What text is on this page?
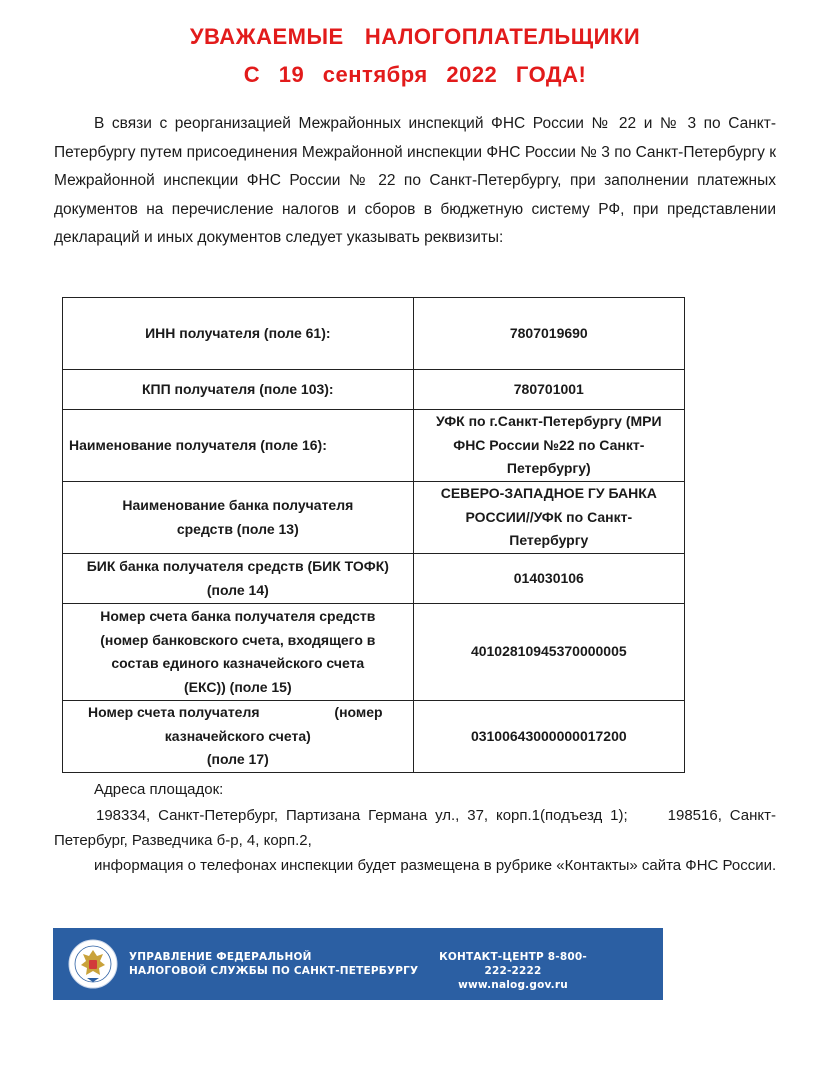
УВАЖАЕМЫЕ  НАЛОГОПЛАТЕЛЬЩИКИ
С 19 сентября 2022 ГОДА!
В связи с реорганизацией Межрайонных инспекций ФНС России № 22 и № 3 по Санкт-Петербургу путем присоединения Межрайонной инспекции ФНС России № 3 по Санкт-Петербургу к Межрайонной инспекции ФНС России № 22 по Санкт-Петербургу, при заполнении платежных документов на перечисление налогов и сборов в бюджетную систему РФ, при представлении деклараций и иных документов следует указывать реквизиты:
ИНН получателя (поле 61):	7807019690
КПП получателя (поле 103):	780701001
Наименование получателя (поле 16):	УФК по г.Санкт-Петербургу (МРИ ФНС России №22 по Санкт-Петербургу)
Наименование банка получателя средств (поле 13)	СЕВЕРО-ЗАПАДНОЕ ГУ БАНКА РОССИИ//УФК по Санкт-Петербургу
БИК банка получателя средств (БИК ТОФК) (поле 14)	014030106
Номер счета банка получателя средств (номер банковского счета, входящего в состав единого казначейского счета (ЕКС)) (поле 15)	40102810945370000005

Номер счета получателя (номер
казначейского счета)
(поле 17)	03100643000000017200
Адреса площадок:
198334, Санкт-Петербург, Партизана Германа ул., 37, корп.1(подъезд 1);	198516, Санкт-Петербург, Разведчика б-р, 4, корп.2,
информация о телефонах инспекции будет размещена в рубрике «Контакты» сайта ФНС России.
УПРАВЛЕНИЕ ФЕДЕРАЛЬНОЙ
НАЛОГОВОЙ СЛУЖБЫ ПО САНКТ-ПЕТЕРБУРГУ
КОНТАКТ-ЦЕНТР 8-800-222-2222
www.nalog.gov.ru
